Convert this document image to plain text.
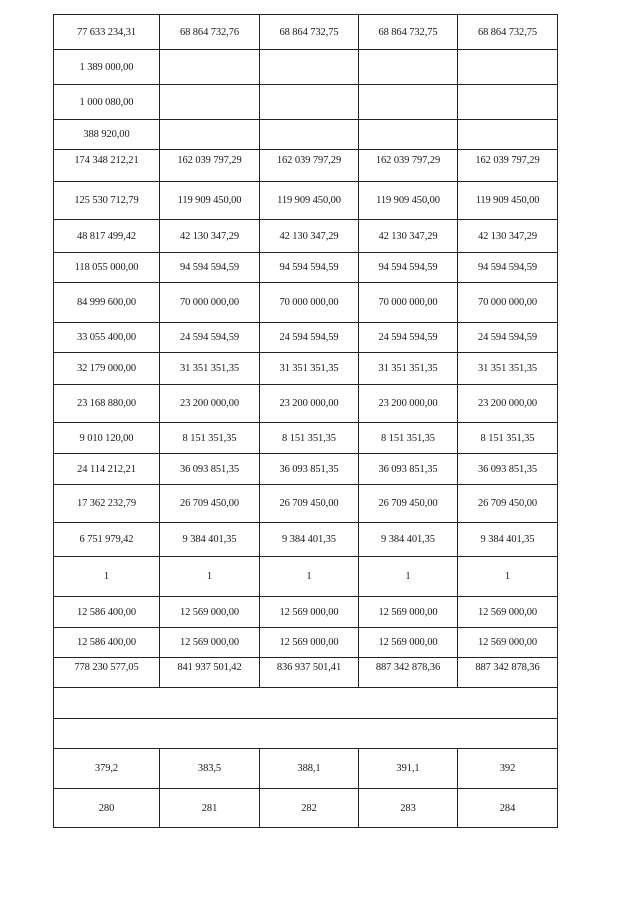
77 633 234,31	68 864 732,76	68 864 732,75	68 864 732,75	68 864 732,75
1 389 000,00				
1 000 080,00				
388 920,00				
174 348 212,21	162 039 797,29	162 039 797,29	162 039 797,29	162 039 797,29
125 530 712,79	119 909 450,00	119 909 450,00	119 909 450,00	119 909 450,00
48 817 499,42	42 130 347,29	42 130 347,29	42 130 347,29	42 130 347,29
118 055 000,00	94 594 594,59	94 594 594,59	94 594 594,59	94 594 594,59
84 999 600,00	70 000 000,00	70 000 000,00	70 000 000,00	70 000 000,00
33 055 400,00	24 594 594,59	24 594 594,59	24 594 594,59	24 594 594,59
32 179 000,00	31 351 351,35	31 351 351,35	31 351 351,35	31 351 351,35
23 168 880,00	23 200 000,00	23 200 000,00	23 200 000,00	23 200 000,00
9 010 120,00	8 151 351,35	8 151 351,35	8 151 351,35	8 151 351,35
24 114 212,21	36 093 851,35	36 093 851,35	36 093 851,35	36 093 851,35
17 362 232,79	26 709 450,00	26 709 450,00	26 709 450,00	26 709 450,00
6 751 979,42	9 384 401,35	9 384 401,35	9 384 401,35	9 384 401,35
1	1	1	1	1
12 586 400,00	12 569 000,00	12 569 000,00	12 569 000,00	12 569 000,00
12 586 400,00	12 569 000,00	12 569 000,00	12 569 000,00	12 569 000,00
778 230 577,05	841 937 501,42	836 937 501,41	887 342 878,36	887 342 878,36

379,2	383,5	388,1	391,1	392
280	281	282	283	284
